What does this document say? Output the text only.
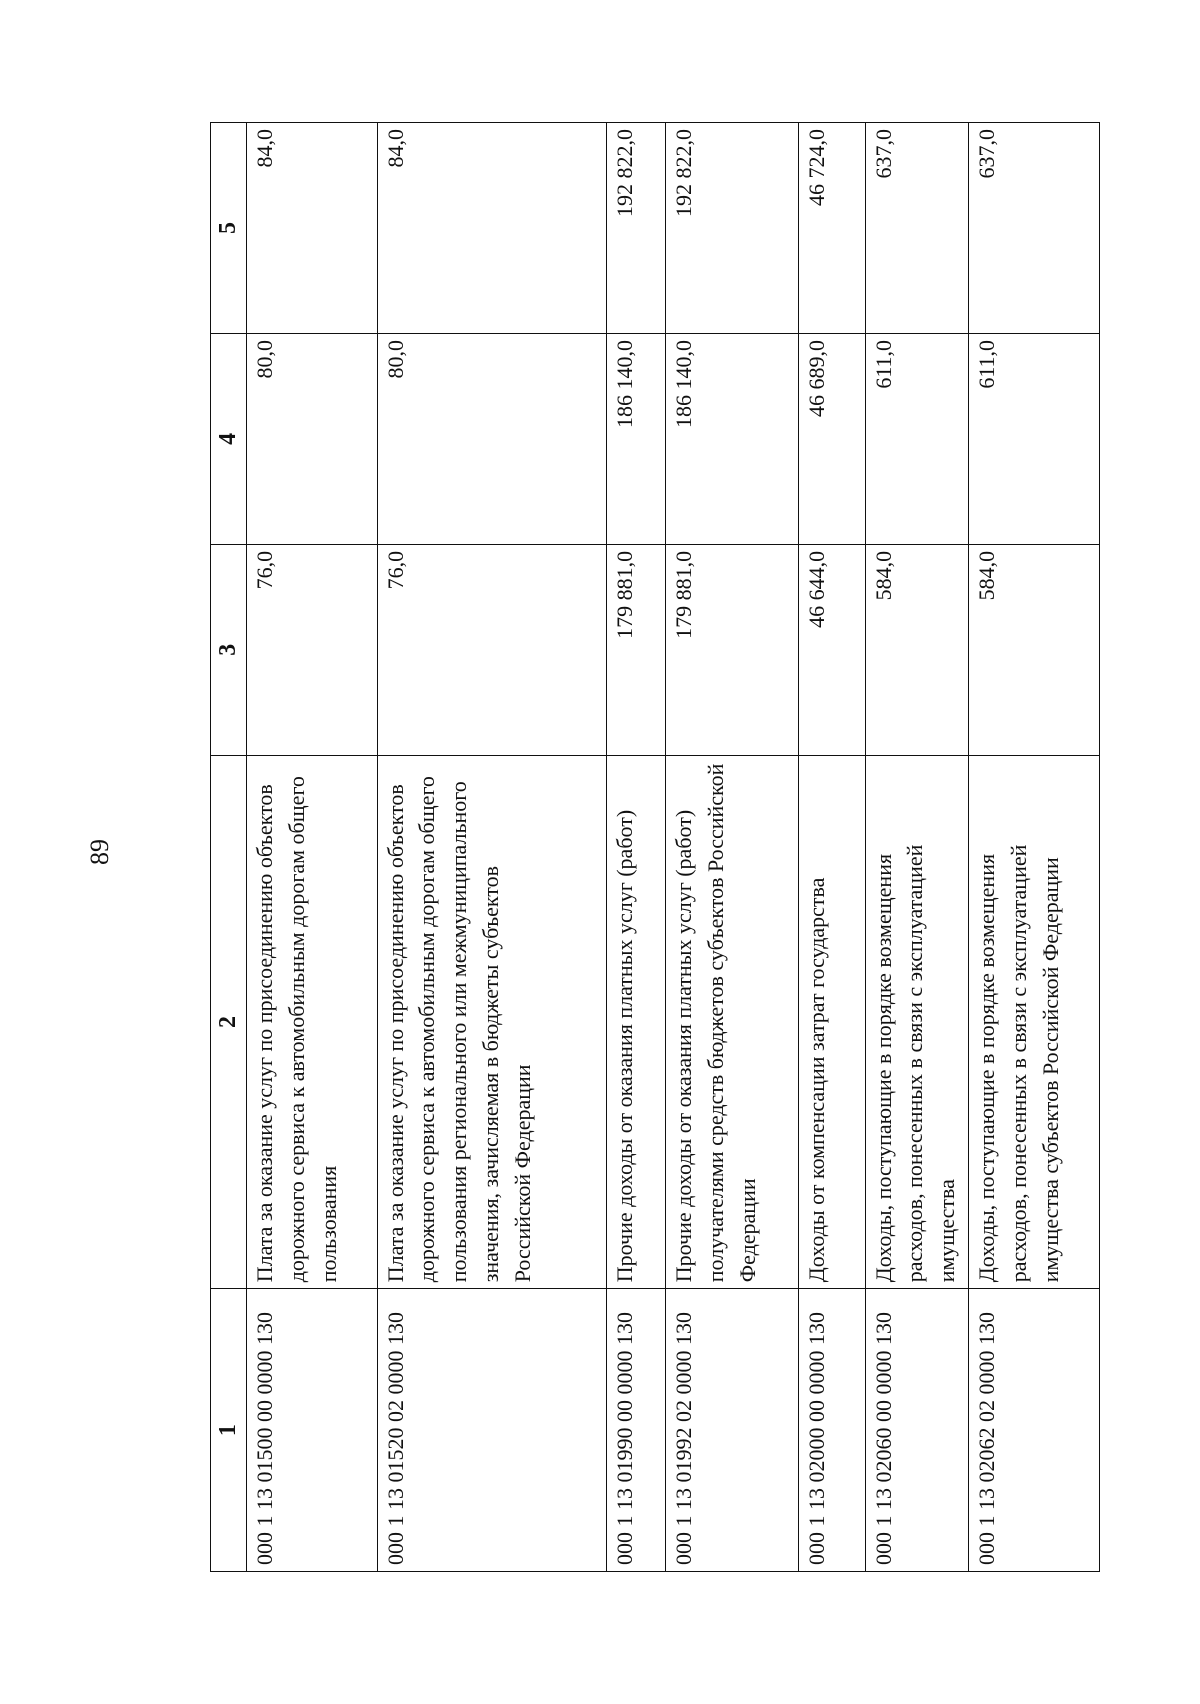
89
1	2	3	4	5
000 1 13 01500 00 0000 130	Плата за оказание услуг по присоединению объектов дорожного сервиса к автомобильным дорогам общего пользования	76,0	80,0	84,0
000 1 13 01520 02 0000 130	Плата за оказание услуг по присоединению объектов дорожного сервиса к автомобильным дорогам общего пользования регионального или межмуниципального значения, зачисляемая в бюджеты субъектов Российской Федерации	76,0	80,0	84,0
000 1 13 01990 00 0000 130	Прочие доходы от оказания платных услуг (работ)	179 881,0	186 140,0	192 822,0
000 1 13 01992 02 0000 130	Прочие доходы от оказания платных услуг (работ) получателями средств бюджетов субъектов Российской Федерации	179 881,0	186 140,0	192 822,0
000 1 13 02000 00 0000 130	Доходы от компенсации затрат государства	46 644,0	46 689,0	46 724,0
000 1 13 02060 00 0000 130	Доходы, поступающие в порядке возмещения расходов, понесенных в связи с эксплуатацией имущества	584,0	611,0	637,0
000 1 13 02062 02 0000 130	Доходы, поступающие в порядке возмещения расходов, понесенных в связи с эксплуатацией имущества субъектов Российской Федерации	584,0	611,0	637,0
